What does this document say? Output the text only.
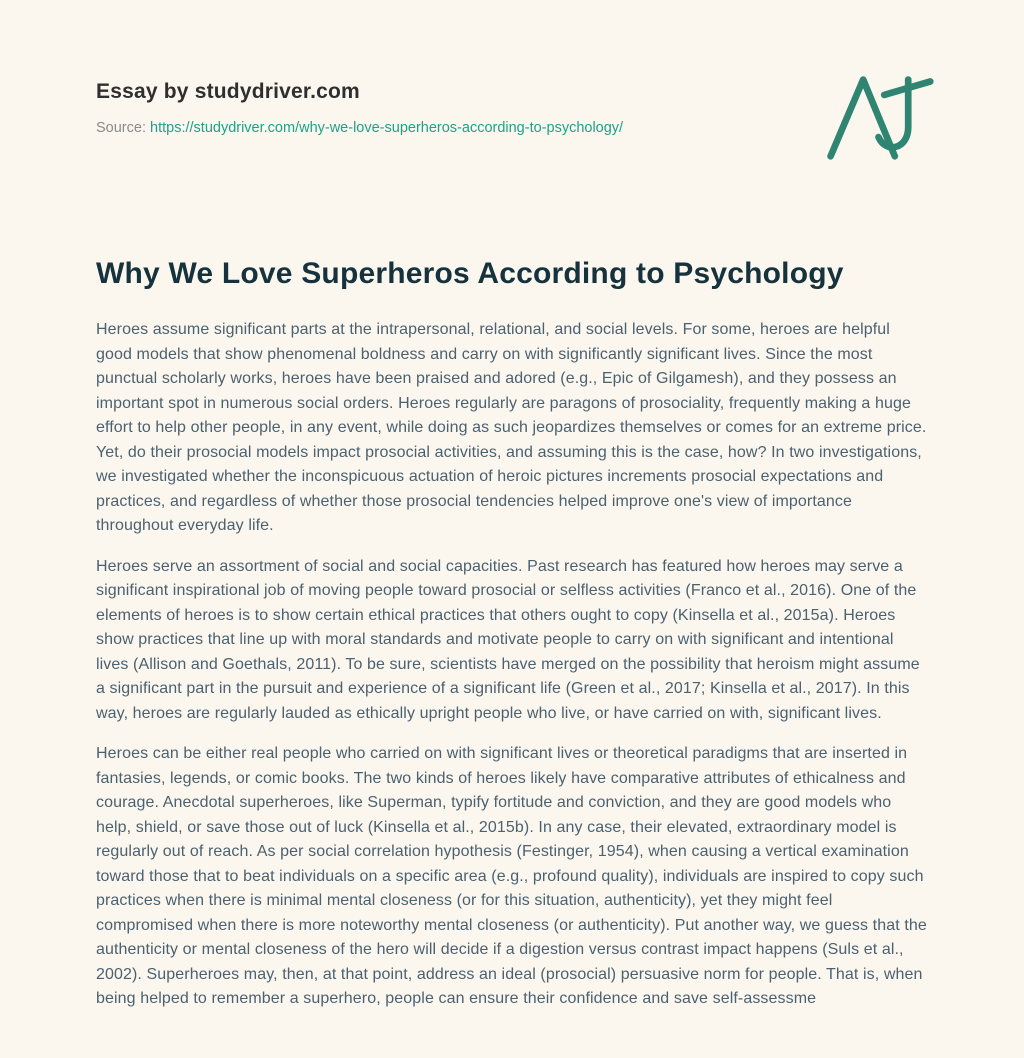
Essay by studydriver.com
Source: https://studydriver.com/why-we-love-superheros-according-to-psychology/
Why We Love Superheros According to Psychology

Heroes assume significant parts at the intrapersonal, relational, and social levels. For some, heroes are helpful good models that show phenomenal boldness and carry on with significantly significant lives. Since the most punctual scholarly works, heroes have been praised and adored (e.g., Epic of Gilgamesh), and they possess an important spot in numerous social orders. Heroes regularly are paragons of prosociality, frequently making a huge effort to help other people, in any event, while doing as such jeopardizes themselves or comes for an extreme price. Yet, do their prosocial models impact prosocial activities, and assuming this is the case, how? In two investigations, we investigated whether the inconspicuous actuation of heroic pictures increments prosocial expectations and practices, and regardless of whether those prosocial tendencies helped improve one's view of importance throughout everyday life.

Heroes serve an assortment of social and social capacities. Past research has featured how heroes may serve a significant inspirational job of moving people toward prosocial or selfless activities (Franco et al., 2016). One of the elements of heroes is to show certain ethical practices that others ought to copy (Kinsella et al., 2015a). Heroes show practices that line up with moral standards and motivate people to carry on with significant and intentional lives (Allison and Goethals, 2011). To be sure, scientists have merged on the possibility that heroism might assume a significant part in the pursuit and experience of a significant life (Green et al., 2017; Kinsella et al., 2017). In this way, heroes are regularly lauded as ethically upright people who live, or have carried on with, significant lives.

Heroes can be either real people who carried on with significant lives or theoretical paradigms that are inserted in fantasies, legends, or comic books. The two kinds of heroes likely have comparative attributes of ethicalness and courage. Anecdotal superheroes, like Superman, typify fortitude and conviction, and they are good models who help, shield, or save those out of luck (Kinsella et al., 2015b). In any case, their elevated, extraordinary model is regularly out of reach. As per social correlation hypothesis (Festinger, 1954), when causing a vertical examination toward those that to beat individuals on a specific area (e.g., profound quality), individuals are inspired to copy such practices when there is minimal mental closeness (or for this situation, authenticity), yet they might feel compromised when there is more noteworthy mental closeness (or authenticity). Put another way, we guess that the authenticity or mental closeness of the hero will decide if a digestion versus contrast impact happens (Suls et al., 2002). Superheroes may, then, at that point, address an ideal (prosocial) persuasive norm for people. That is, when being helped to remember a superhero, people can ensure their confidence and save self-assessme
